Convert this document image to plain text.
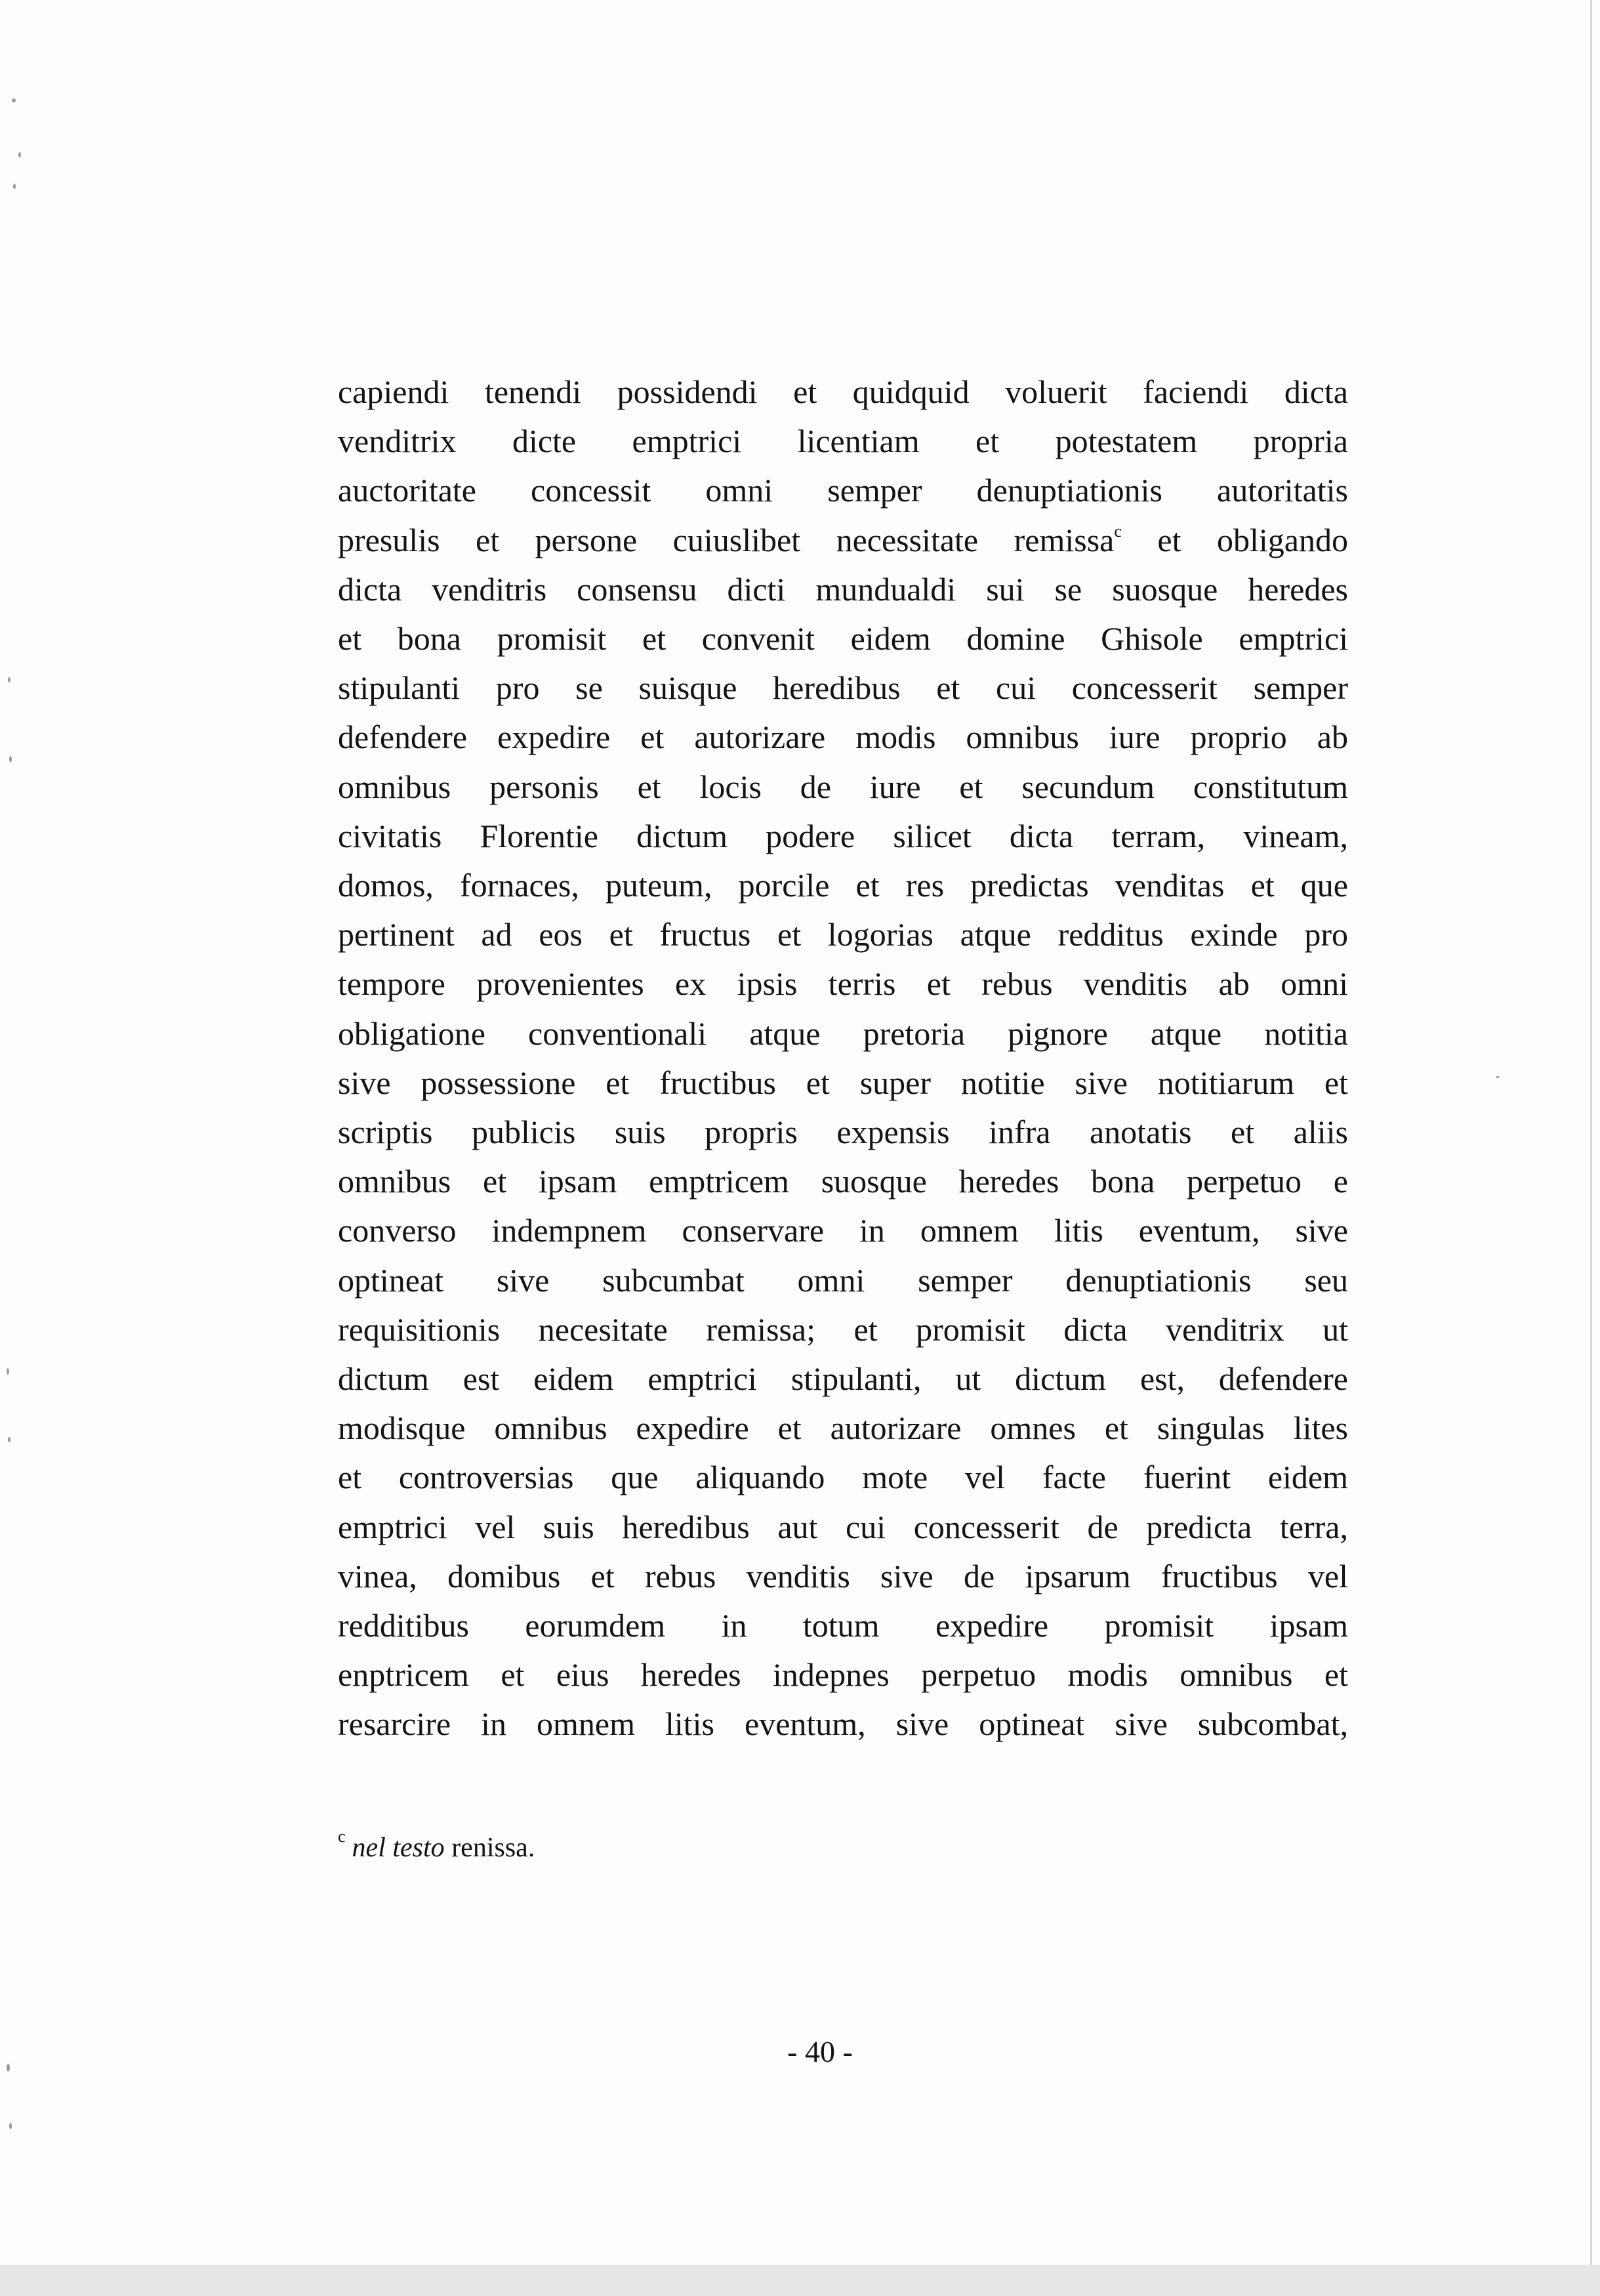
capiendi tenendi possidendi et quidquid voluerit faciendi dicta
venditrix dicte emptrici licentiam et potestatem propria
auctoritate concessit omni semper denuptiationis autoritatis
presulis et persone cuiuslibet necessitate remissa$^c$ et obligando
dicta venditris consensu dicti mundualdi sui se suosque heredes
et bona promisit et convenit eidem domine Ghisole emptrici
stipulanti pro se suisque heredibus et cui concesserit semper
defendere expedire et autorizare modis omnibus iure proprio ab
omnibus personis et locis de iure et secundum constitutum
civitatis Florentie dictum podere silicet dicta terram, vineam,
domos, fornaces, puteum, porcile et res predictas venditas et que
pertinent ad eos et fructus et logorias atque redditus exinde pro
tempore provenientes ex ipsis terris et rebus venditis ab omni
obligatione conventionali atque pretoria pignore atque notitia
sive possessione et fructibus et super notitie sive notitiarum et
scriptis publicis suis propris expensis infra anotatis et aliis
omnibus et ipsam emptricem suosque heredes bona perpetuo e
converso indempnem conservare in omnem litis eventum, sive
optineat sive subcumbat omni semper denuptiationis seu
requisitionis necesitate remissa; et promisit dicta venditrix ut
dictum est eidem emptrici stipulanti, ut dictum est, defendere
modisque omnibus expedire et autorizare omnes et singulas lites
et controversias que aliquando mote vel facte fuerint eidem
emptrici vel suis heredibus aut cui concesserit de predicta terra,
vinea, domibus et rebus venditis sive de ipsarum fructibus vel
redditibus eorumdem in totum expedire promisit ipsam
enptricem et eius heredes indepnes perpetuo modis omnibus et
resarcire in omnem litis eventum, sive optineat sive subcombat,
$^c$ nel testo renissa.
- 40 -
